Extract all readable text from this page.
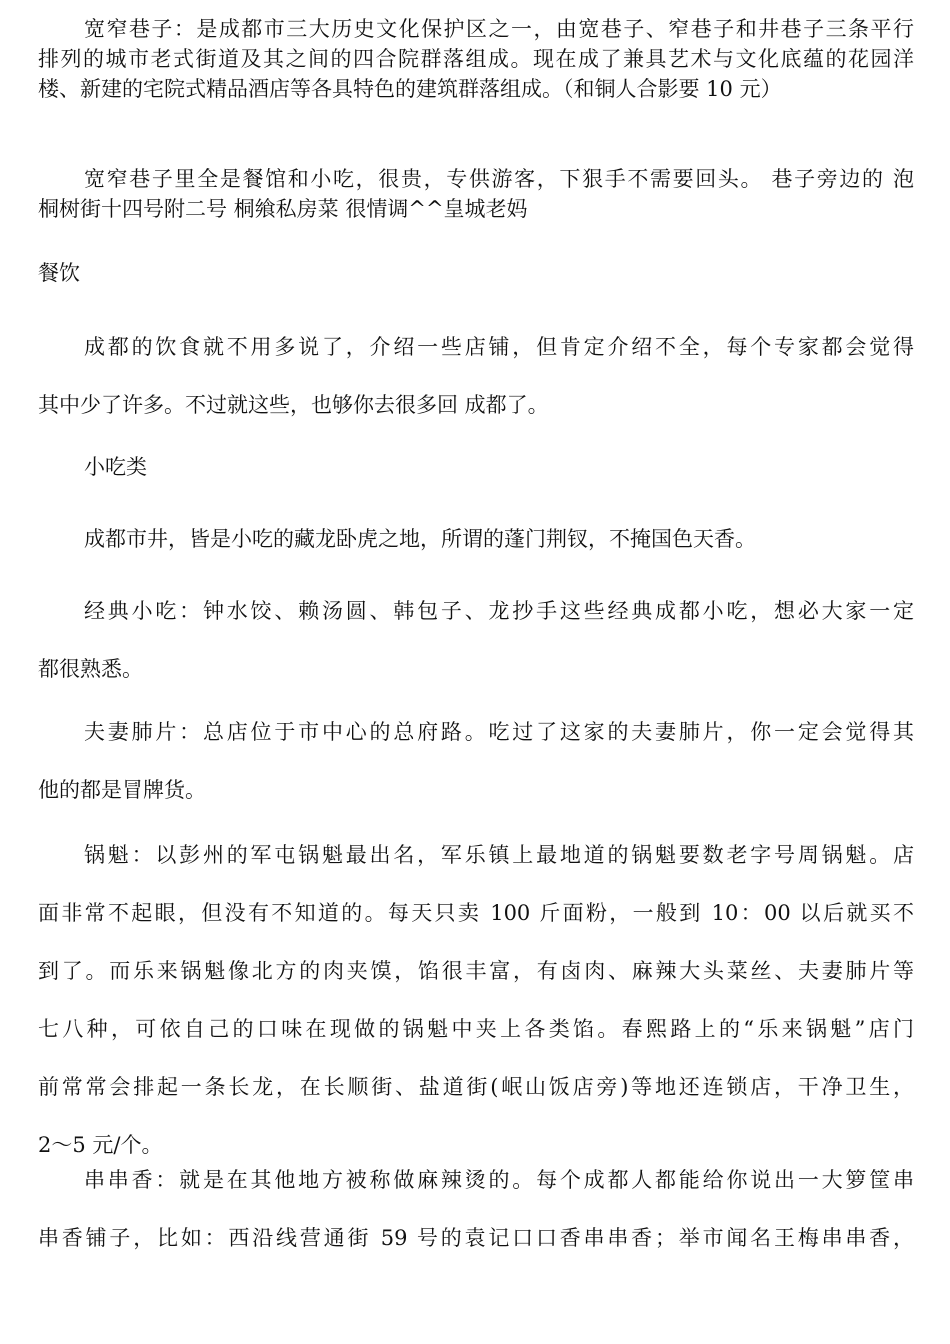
宽窄巷子：是成都市三大历史文化保护区之一，由宽巷子、窄巷子和井巷子三条平行
排列的城市老式街道及其之间的四合院群落组成。现在成了兼具艺术与文化底蕴的花园洋
楼、新建的宅院式精品酒店等各具特色的建筑群落组成。（和铜人合影要 10 元）
宽窄巷子里全是餐馆和小吃，很贵，专供游客，下狠手不需要回头。 巷子旁边的 泡
桐树街十四号附二号 桐飨私房菜 很情调^^皇城老妈

餐饮

成都的饮食就不用多说了，介绍一些店铺，但肯定介绍不全，每个专家都会觉得
其中少了许多。不过就这些，也够你去很多回 成都了。

小吃类

成都市井，皆是小吃的藏龙卧虎之地，所谓的蓬门荆钗，不掩国色天香。

经典小吃：钟水饺、赖汤圆、韩包子、龙抄手这些经典成都小吃，想必大家一定
都很熟悉。
夫妻肺片：总店位于市中心的总府路。吃过了这家的夫妻肺片，你一定会觉得其
他的都是冒牌货。
锅魁：以彭州的军屯锅魁最出名，军乐镇上最地道的锅魁要数老字号周锅魁。店
面非常不起眼，但没有不知道的。每天只卖 100 斤面粉，一般到 10：00 以后就买不
到了。而乐来锅魁像北方的肉夹馍，馅很丰富，有卤肉、麻辣大头菜丝、夫妻肺片等
七八种，可依自己的口味在现做的锅魁中夹上各类馅。春熙路上的“乐来锅魁”店门
前常常会排起一条长龙，在长顺街、盐道街(岷山饭店旁)等地还连锁店，干净卫生，
2～5 元/个。
串串香：就是在其他地方被称做麻辣烫的。每个成都人都能给你说出一大箩筐串
串香铺子，比如：西沿线营通街 59 号的袁记口口香串串香；举市闻名王梅串串香，
